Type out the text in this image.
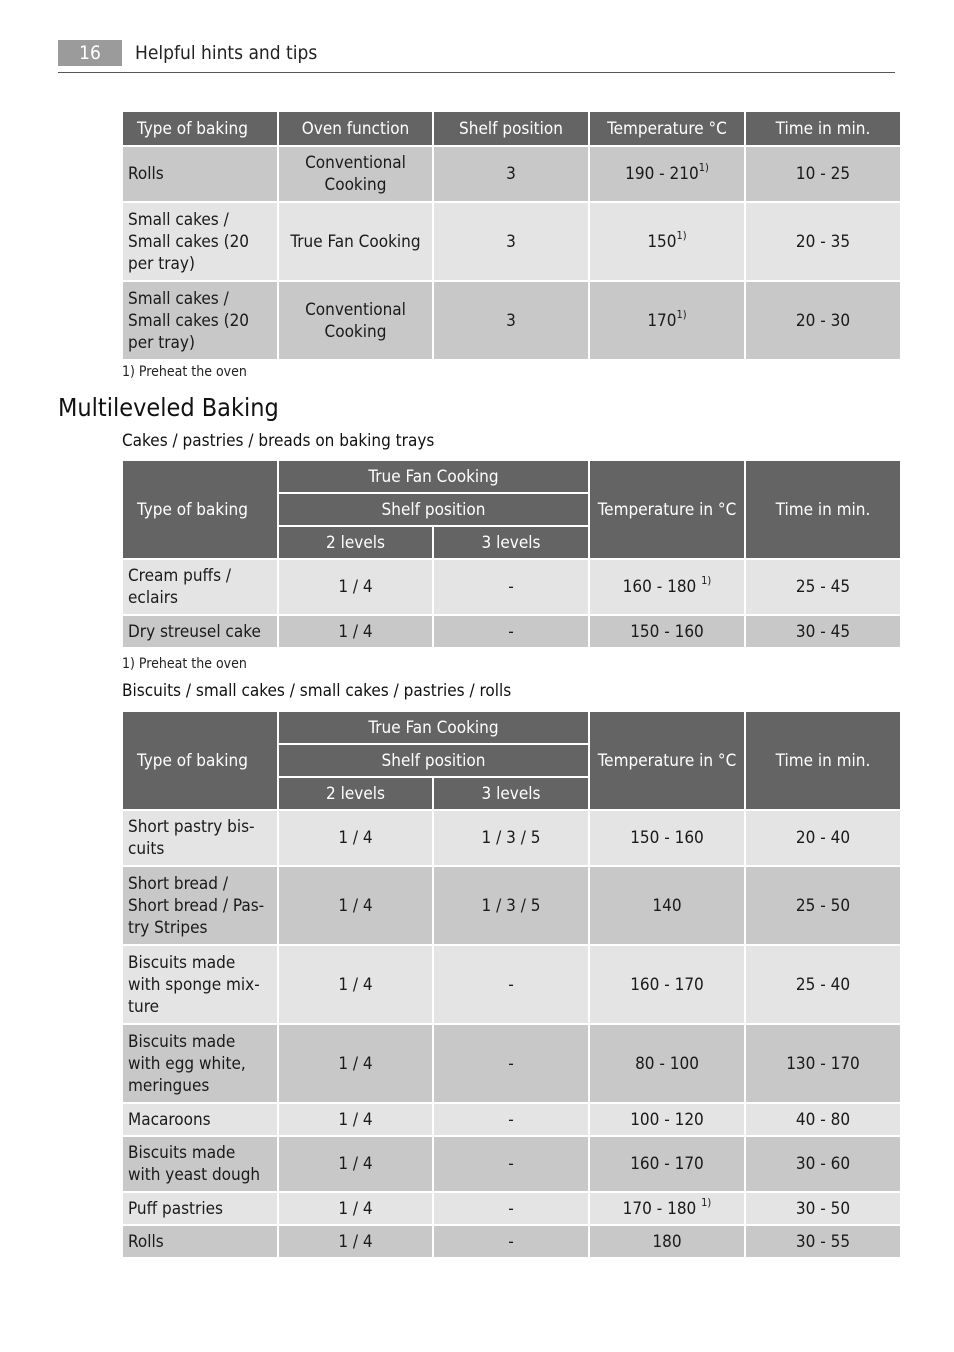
16	Helpful hints and tips
Type of baking	Oven function	Shelf position	Temperature °C	Time in min.
Rolls	Conventional Cooking	3	190 - 210$^{1)}$	10 - 25
Small cakes / Small cakes (20 per tray)	True Fan Cooking	3	150$^{1)}$	20 - 35
Small cakes / Small cakes (20 per tray)	Conventional Cooking	3	170$^{1)}$	20 - 30
1) Preheat the oven
Multileveled Baking
Cakes / pastries / breads on baking trays
Type of baking	True Fan Cooking		Temperature in °C	Time in min.
	Shelf position			
	2 levels	3 levels		
Cream puffs / eclairs	1 / 4	-	160 - 180 $^{1)}$	25 - 45
Dry streusel cake	1 / 4	-	150 - 160	30 - 45
1) Preheat the oven
Biscuits / small cakes / small cakes / pastries / rolls
Type of baking	True Fan Cooking		Temperature in °C	Time in min.
	Shelf position			
	2 levels	3 levels		
Short pastry bis-cuits	1 / 4	1 / 3 / 5	150 - 160	20 - 40
Short bread / Short bread / Pas-try Stripes	1 / 4	1 / 3 / 5	140	25 - 50
Biscuits made with sponge mix-ture	1 / 4	-	160 - 170	25 - 40
Biscuits made with egg white, meringues	1 / 4	-	80 - 100	130 - 170
Macaroons	1 / 4	-	100 - 120	40 - 80
Biscuits made with yeast dough	1 / 4	-	160 - 170	30 - 60
Puff pastries	1 / 4	-	170 - 180 $^{1)}$	30 - 50
Rolls	1 / 4	-	180	30 - 55
